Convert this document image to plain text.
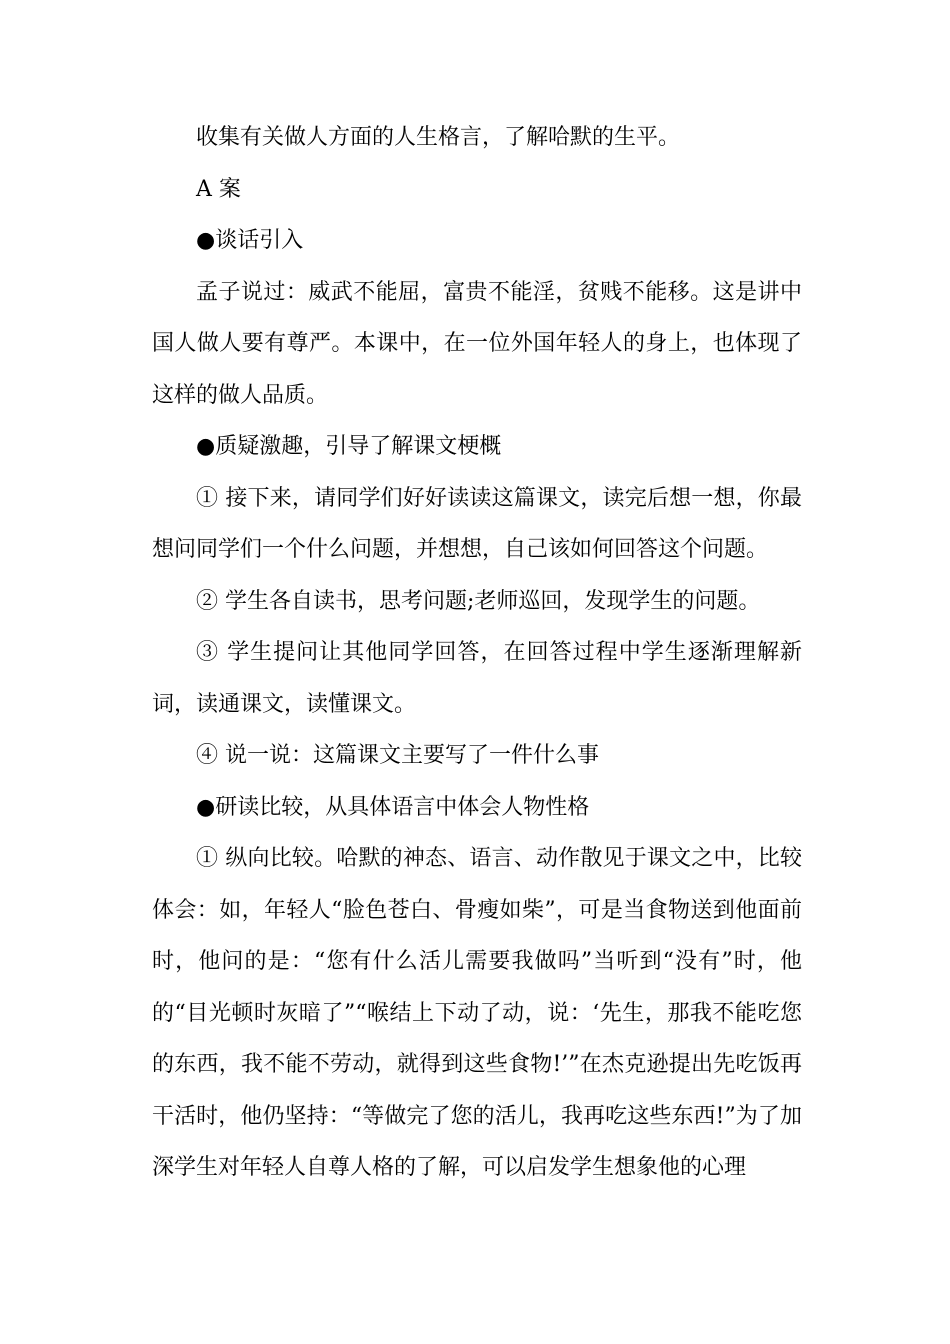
收集有关做人方面的人生格言，了解哈默的生平。

A 案

●谈话引入

孟子说过：威武不能屈，富贵不能淫，贫贱不能移。这是讲中国人做人要有尊严。本课中，在一位外国年轻人的身上，也体现了这样的做人品质。

●质疑激趣，引导了解课文梗概

① 接下来，请同学们好好读读这篇课文，读完后想一想，你最想问同学们一个什么问题，并想想，自己该如何回答这个问题。

② 学生各自读书，思考问题;老师巡回，发现学生的问题。

③ 学生提问让其他同学回答，在回答过程中学生逐渐理解新词，读通课文，读懂课文。

④ 说一说：这篇课文主要写了一件什么事

●研读比较，从具体语言中体会人物性格

① 纵向比较。哈默的神态、语言、动作散见于课文之中，比较体会：如，年轻人“脸色苍白、骨瘦如柴”，可是当食物送到他面前时，他问的是：“您有什么活儿需要我做吗”当听到“没有”时，他的“目光顿时灰暗了”“喉结上下动了动，说：‘先生，那我不能吃您的东西，我不能不劳动，就得到这些食物!’”在杰克逊提出先吃饭再干活时，他仍坚持：“等做完了您的活儿，我再吃这些东西!”为了加深学生对年轻人自尊人格的了解，可以启发学生想象他的心理
